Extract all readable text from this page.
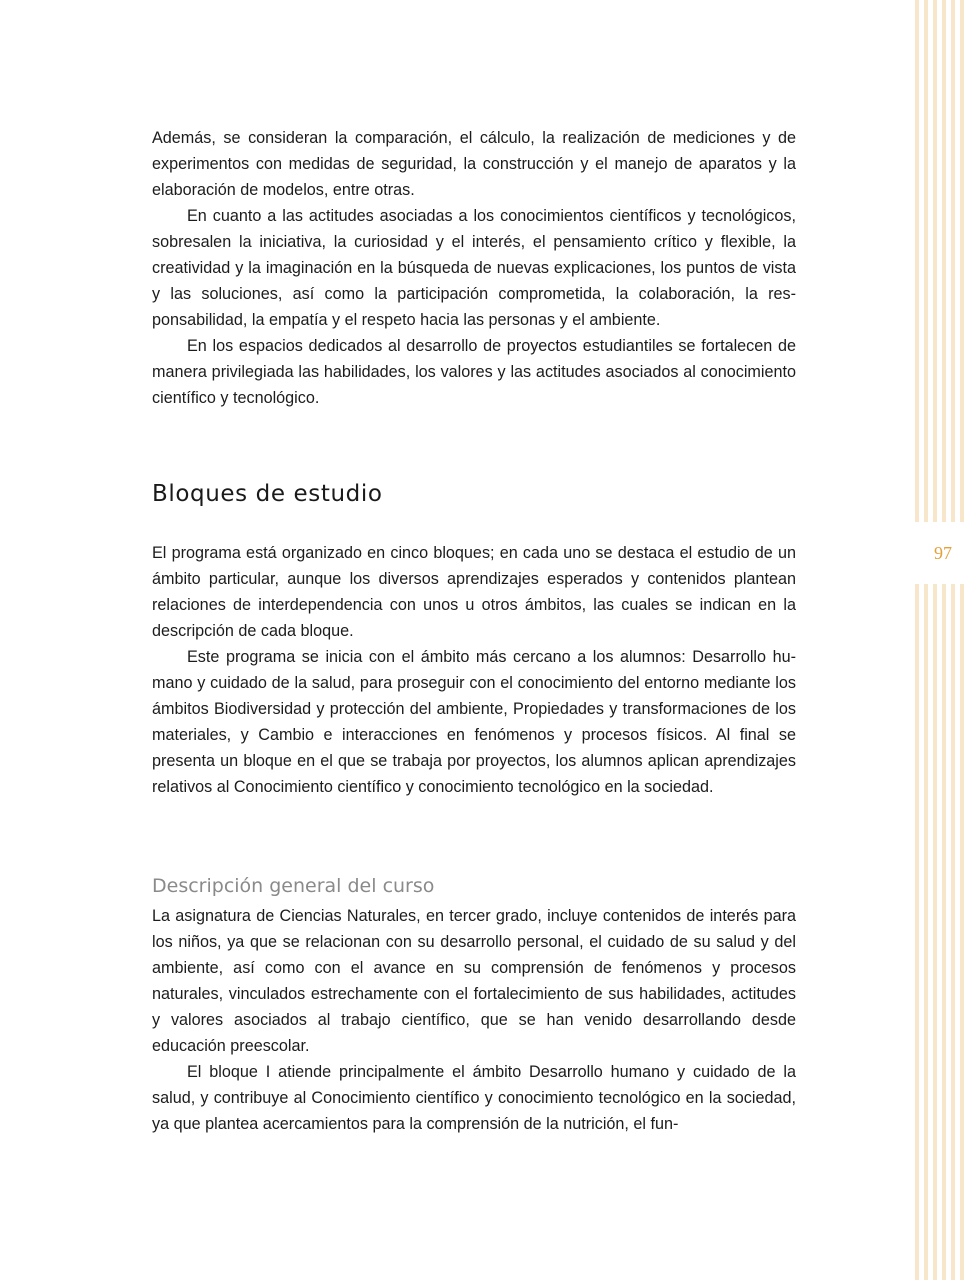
Además, se consideran la comparación, el cálculo, la realización de mediciones y de experimentos con medidas de seguridad, la construcción y el manejo de aparatos y la elaboración de modelos, entre otras.

En cuanto a las actitudes asociadas a los conocimientos científicos y tecnológicos, sobresalen la iniciativa, la curiosidad y el interés, el pensamiento crítico y flexible, la creatividad y la imaginación en la búsqueda de nuevas explicaciones, los puntos de vista y las soluciones, así como la participación comprometida, la colaboración, la responsabilidad, la empatía y el respeto hacia las personas y el ambiente.

En los espacios dedicados al desarrollo de proyectos estudiantiles se fortalecen de manera privilegiada las habilidades, los valores y las actitudes asociados al conocimiento científico y tecnológico.

Bloques de estudio

El programa está organizado en cinco bloques; en cada uno se destaca el estudio de un ámbito particular, aunque los diversos aprendizajes esperados y contenidos plantean relaciones de interdependencia con unos u otros ámbitos, las cuales se indican en la descripción de cada bloque.

Este programa se inicia con el ámbito más cercano a los alumnos: Desarrollo humano y cuidado de la salud, para proseguir con el conocimiento del entorno mediante los ámbitos Biodiversidad y protección del ambiente, Propiedades y transformaciones de los materiales, y Cambio e interacciones en fenómenos y procesos físicos. Al final se presenta un bloque en el que se trabaja por proyectos, los alumnos aplican aprendizajes relativos al Conocimiento científico y conocimiento tecnológico en la sociedad.

Descripción general del curso

La asignatura de Ciencias Naturales, en tercer grado, incluye contenidos de interés para los niños, ya que se relacionan con su desarrollo personal, el cuidado de su salud y del ambiente, así como con el avance en su comprensión de fenómenos y procesos naturales, vinculados estrechamente con el fortalecimiento de sus habilidades, actitudes y valores asociados al trabajo científico, que se han venido desarrollando desde educación preescolar.

El bloque I atiende principalmente el ámbito Desarrollo humano y cuidado de la salud, y contribuye al Conocimiento científico y conocimiento tecnológico en la sociedad, ya que plantea acercamientos para la comprensión de la nutrición, el fun-

97
